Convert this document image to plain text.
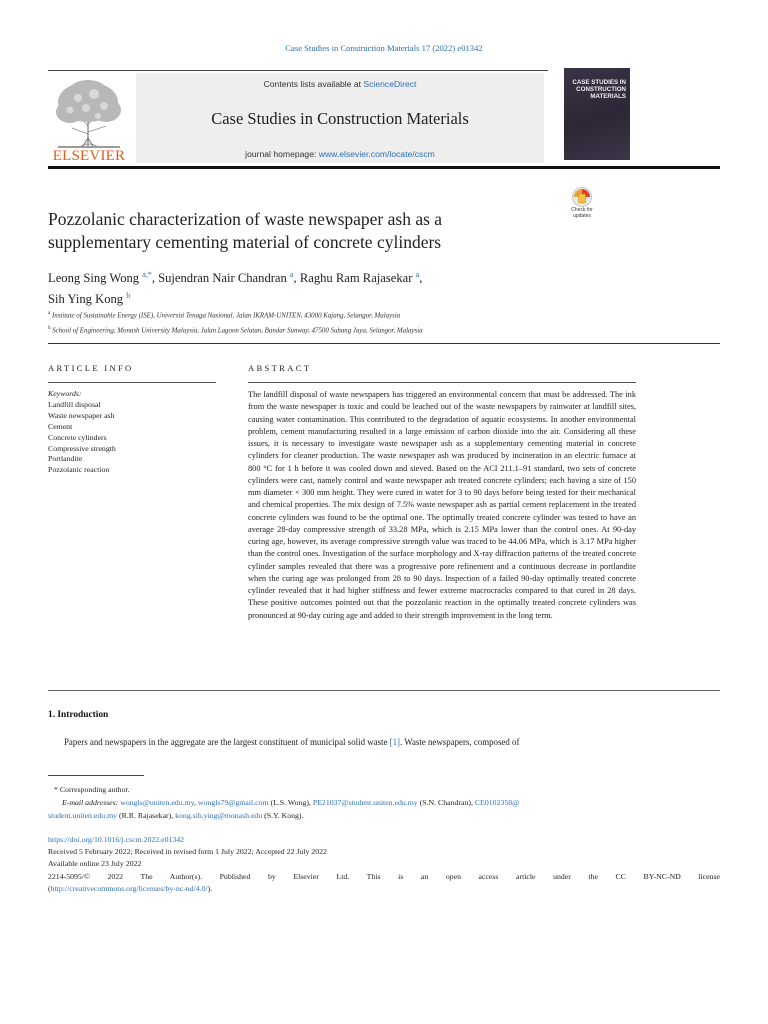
Case Studies in Construction Materials 17 (2022) e01342
ELSEVIER
Contents lists available at ScienceDirect
Case Studies in Construction Materials
journal homepage: www.elsevier.com/locate/cscm
CASE STUDIES IN CONSTRUCTION MATERIALS
Check for updates
Pozzolanic characterization of waste newspaper ash as a
supplementary cementing material of concrete cylinders
Leong Sing Wong $^{a,*}$, Sujendran Nair Chandran $^a$, Raghu Ram Rajasekar $^a$,
Sih Ying Kong $^b$
$^a$ Institute of Sustainable Energy (ISE), Universiti Tenaga Nasional, Jalan IKRAM-UNITEN, 43000 Kajang, Selangor, Malaysia
$^b$ School of Engineering, Monash University Malaysia, Jalan Lagoon Selatan, Bandar Sunway, 47500 Subang Jaya, Selangor, Malaysia
ARTICLE INFO	ABSTRACT
Keywords:
Landfill disposal
Waste newspaper ash
Cement
Concrete cylinders
Compressive strength
Portlandite
Pozzolanic reaction
The landfill disposal of waste newspapers has triggered an environmental concern that must be addressed. The ink from the waste newspaper is toxic and could be leached out of the waste newspapers by rainwater at landfill sites, causing water contamination. This contributed to the degradation of aquatic ecosystems. In another environmental problem, cement manufacturing resulted in a large emission of carbon dioxide into the air. Considering all these issues, it is necessary to investigate waste newspaper ash as a supplementary cementing material in concrete cylinders for cleaner production. The waste newspaper ash was produced by incineration in an electric furnace at 800 °C for 1 h before it was cooled down and sieved. Based on the ACI 211.1–91 standard, two sets of concrete cylinders were cast, namely control and waste newspaper ash treated concrete cylinders; each having a size of 150 mm diameter × 300 mm height. They were cured in water for 3 to 90 days before being tested for their mechanical and chemical properties. The mix design of 7.5% waste newspaper ash as partial cement replacement in the treated concrete cylinders was found to be the optimal one. The optimally treated concrete cylinder was tested to have an average 28-day compressive strength of 33.28 MPa, which is 2.15 MPa lower than the control ones. At 90-day curing age, however, its average compressive strength value was traced to be 44.06 MPa, which is 3.17 MPa higher than the control ones. Investigation of the surface morphology and X-ray diffraction patterns of the treated concrete cylinder samples revealed that there was a progressive pore refinement and a continuous decrease in portlandite when the curing age was prolonged from 28 to 90 days. Inspection of a failed 90-day optimally treated concrete cylinder revealed that it had higher stiffness and fewer extreme macrocracks compared to that cured in 28 days. These positive outcomes pointed out that the pozzolanic reaction in the optimally treated concrete cylinders was pronounced at 90-day curing age and added to their strength improvement in the long term.
1. Introduction
Papers and newspapers in the aggregate are the largest constituent of municipal solid waste [1]. Waste newspapers, composed of
* Corresponding author.
E-mail addresses: wongls@uniten.edu.my, wongls79@gmail.com (L.S. Wong), PE21037@student.uniten.edu.my (S.N. Chandran), CE0102358@
student.uniten.edu.my (R.R. Rajasekar), kong.sih.ying@monash.edu (S.Y. Kong).
https://doi.org/10.1016/j.cscm.2022.e01342
Received 5 February 2022; Received in revised form 1 July 2022; Accepted 22 July 2022
Available online 23 July 2022
2214-5095/© 2022 The Author(s). Published by Elsevier Ltd. This is an open access article under the CC BY-NC-ND license
(http://creativecommons.org/licenses/by-nc-nd/4.0/).
